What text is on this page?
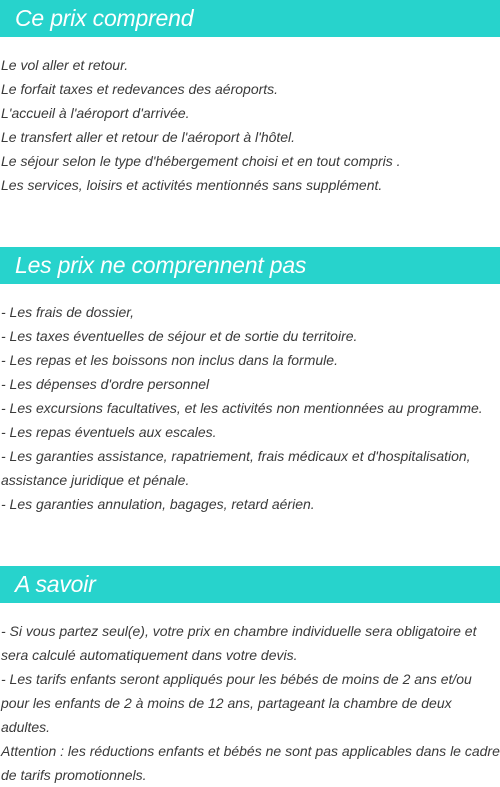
Ce prix comprend
Le vol aller et retour.
Le forfait taxes et redevances des aéroports.
L'accueil à l'aéroport d'arrivée.
Le transfert aller et retour de l'aéroport à l'hôtel.
Le séjour selon le type d'hébergement choisi et en tout compris .
Les services, loisirs et activités mentionnés sans supplément.
Les prix ne comprennent pas
- Les frais de dossier,
- Les taxes éventuelles de séjour et de sortie du territoire.
- Les repas et les boissons non inclus dans la formule.
- Les dépenses d'ordre personnel
- Les excursions facultatives, et les activités non mentionnées au programme.
- Les repas éventuels aux escales.
- Les garanties assistance, rapatriement, frais médicaux et d'hospitalisation, assistance juridique et pénale.
- Les garanties annulation, bagages, retard aérien.
A savoir
- Si vous partez seul(e), votre prix en chambre individuelle sera obligatoire et sera calculé automatiquement dans votre devis.
- Les tarifs enfants seront appliqués pour les bébés de moins de 2 ans et/ou pour les enfants de 2 à moins de 12 ans, partageant la chambre de deux adultes.
Attention : les réductions enfants et bébés ne sont pas applicables dans le cadre de tarifs promotionnels.
